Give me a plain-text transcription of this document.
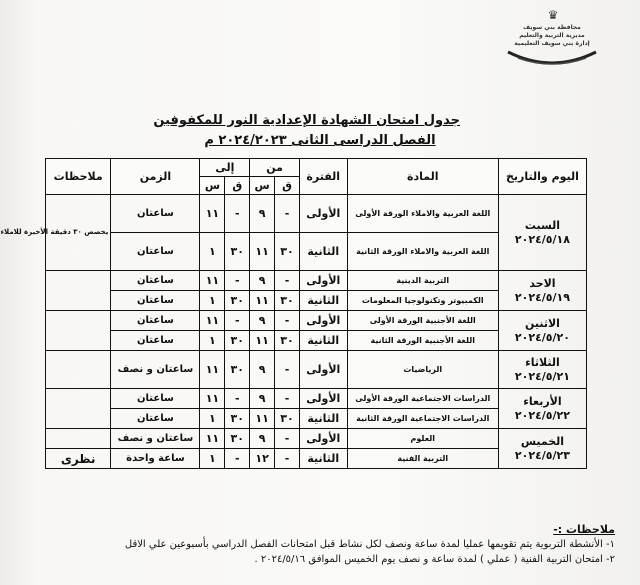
♛
محافظة بني سويف
مديرية التربية والتعليم
إدارة بني سويف التعليمية
جدول امتحان الشهادة الإعدادية النور للمكفوفين
الفصل الدراسى الثانى ٢٠٢٤/٢٠٢٣ م
اليوم والتاريخ	المادة	الفترة	من		إلى		الزمن	ملاحظات
			ق	س	ق	س		

السبت
٢٠٢٤/٥/١٨	اللغة العربية والاملاء الورقة الأولى	الأولى	-	٩	-	١١	ساعتان	يخصص ٣٠ دقيقة الأخيرة للاملاء
	اللغة العربية والاملاء الورقة الثانية	الثانية	٣٠	١١	٣٠	١	ساعتان	

الاحد
٢٠٢٤/٥/١٩	التربية الدينية	الأولى	-	٩	-	١١	ساعتان	
	الكمبيوتر وتكنولوجيا المعلومات	الثانية	٣٠	١١	٣٠	١	ساعتان	

الاثنين
٢٠٢٤/٥/٢٠	اللغة الأجنبية الورقة الأولى	الأولى	-	٩	-	١١	ساعتان	
	اللغة الأجنبية الورقة الثانية	الثانية	٣٠	١١	٣٠	١	ساعتان	

الثلاثاء
٢٠٢٤/٥/٢١	الرياضيات	الأولى	-	٩	٣٠	١١	ساعتان و نصف	

الأربعاء
٢٠٢٤/٥/٢٢	الدراسات الاجتماعية الورقة الأولى	الأولى	-	٩	-	١١	ساعتان	
	الدراسات الاجتماعية الورقة الثانية	الثانية	٣٠	١١	٣٠	١	ساعتان	

الخميس
٢٠٢٤/٥/٢٣	العلوم	الأولى	-	٩	٣٠	١١	ساعتان و نصف	
	التربية الفنية	الثانية	-	١٢	-	١	ساعة واحدة	نظرى
ملاحظات :-
١- الأنشطة التربوية يتم تقويمها عمليا لمدة ساعة ونصف لكل نشاط قبل امتحانات الفصل الدراسي بأسبوعين علي الاقل
٢- امتحان التربية الفنية ( عملي ) لمدة ساعة و نصف يوم الخميس الموافق ٢٠٢٤/٥/١٦ .
